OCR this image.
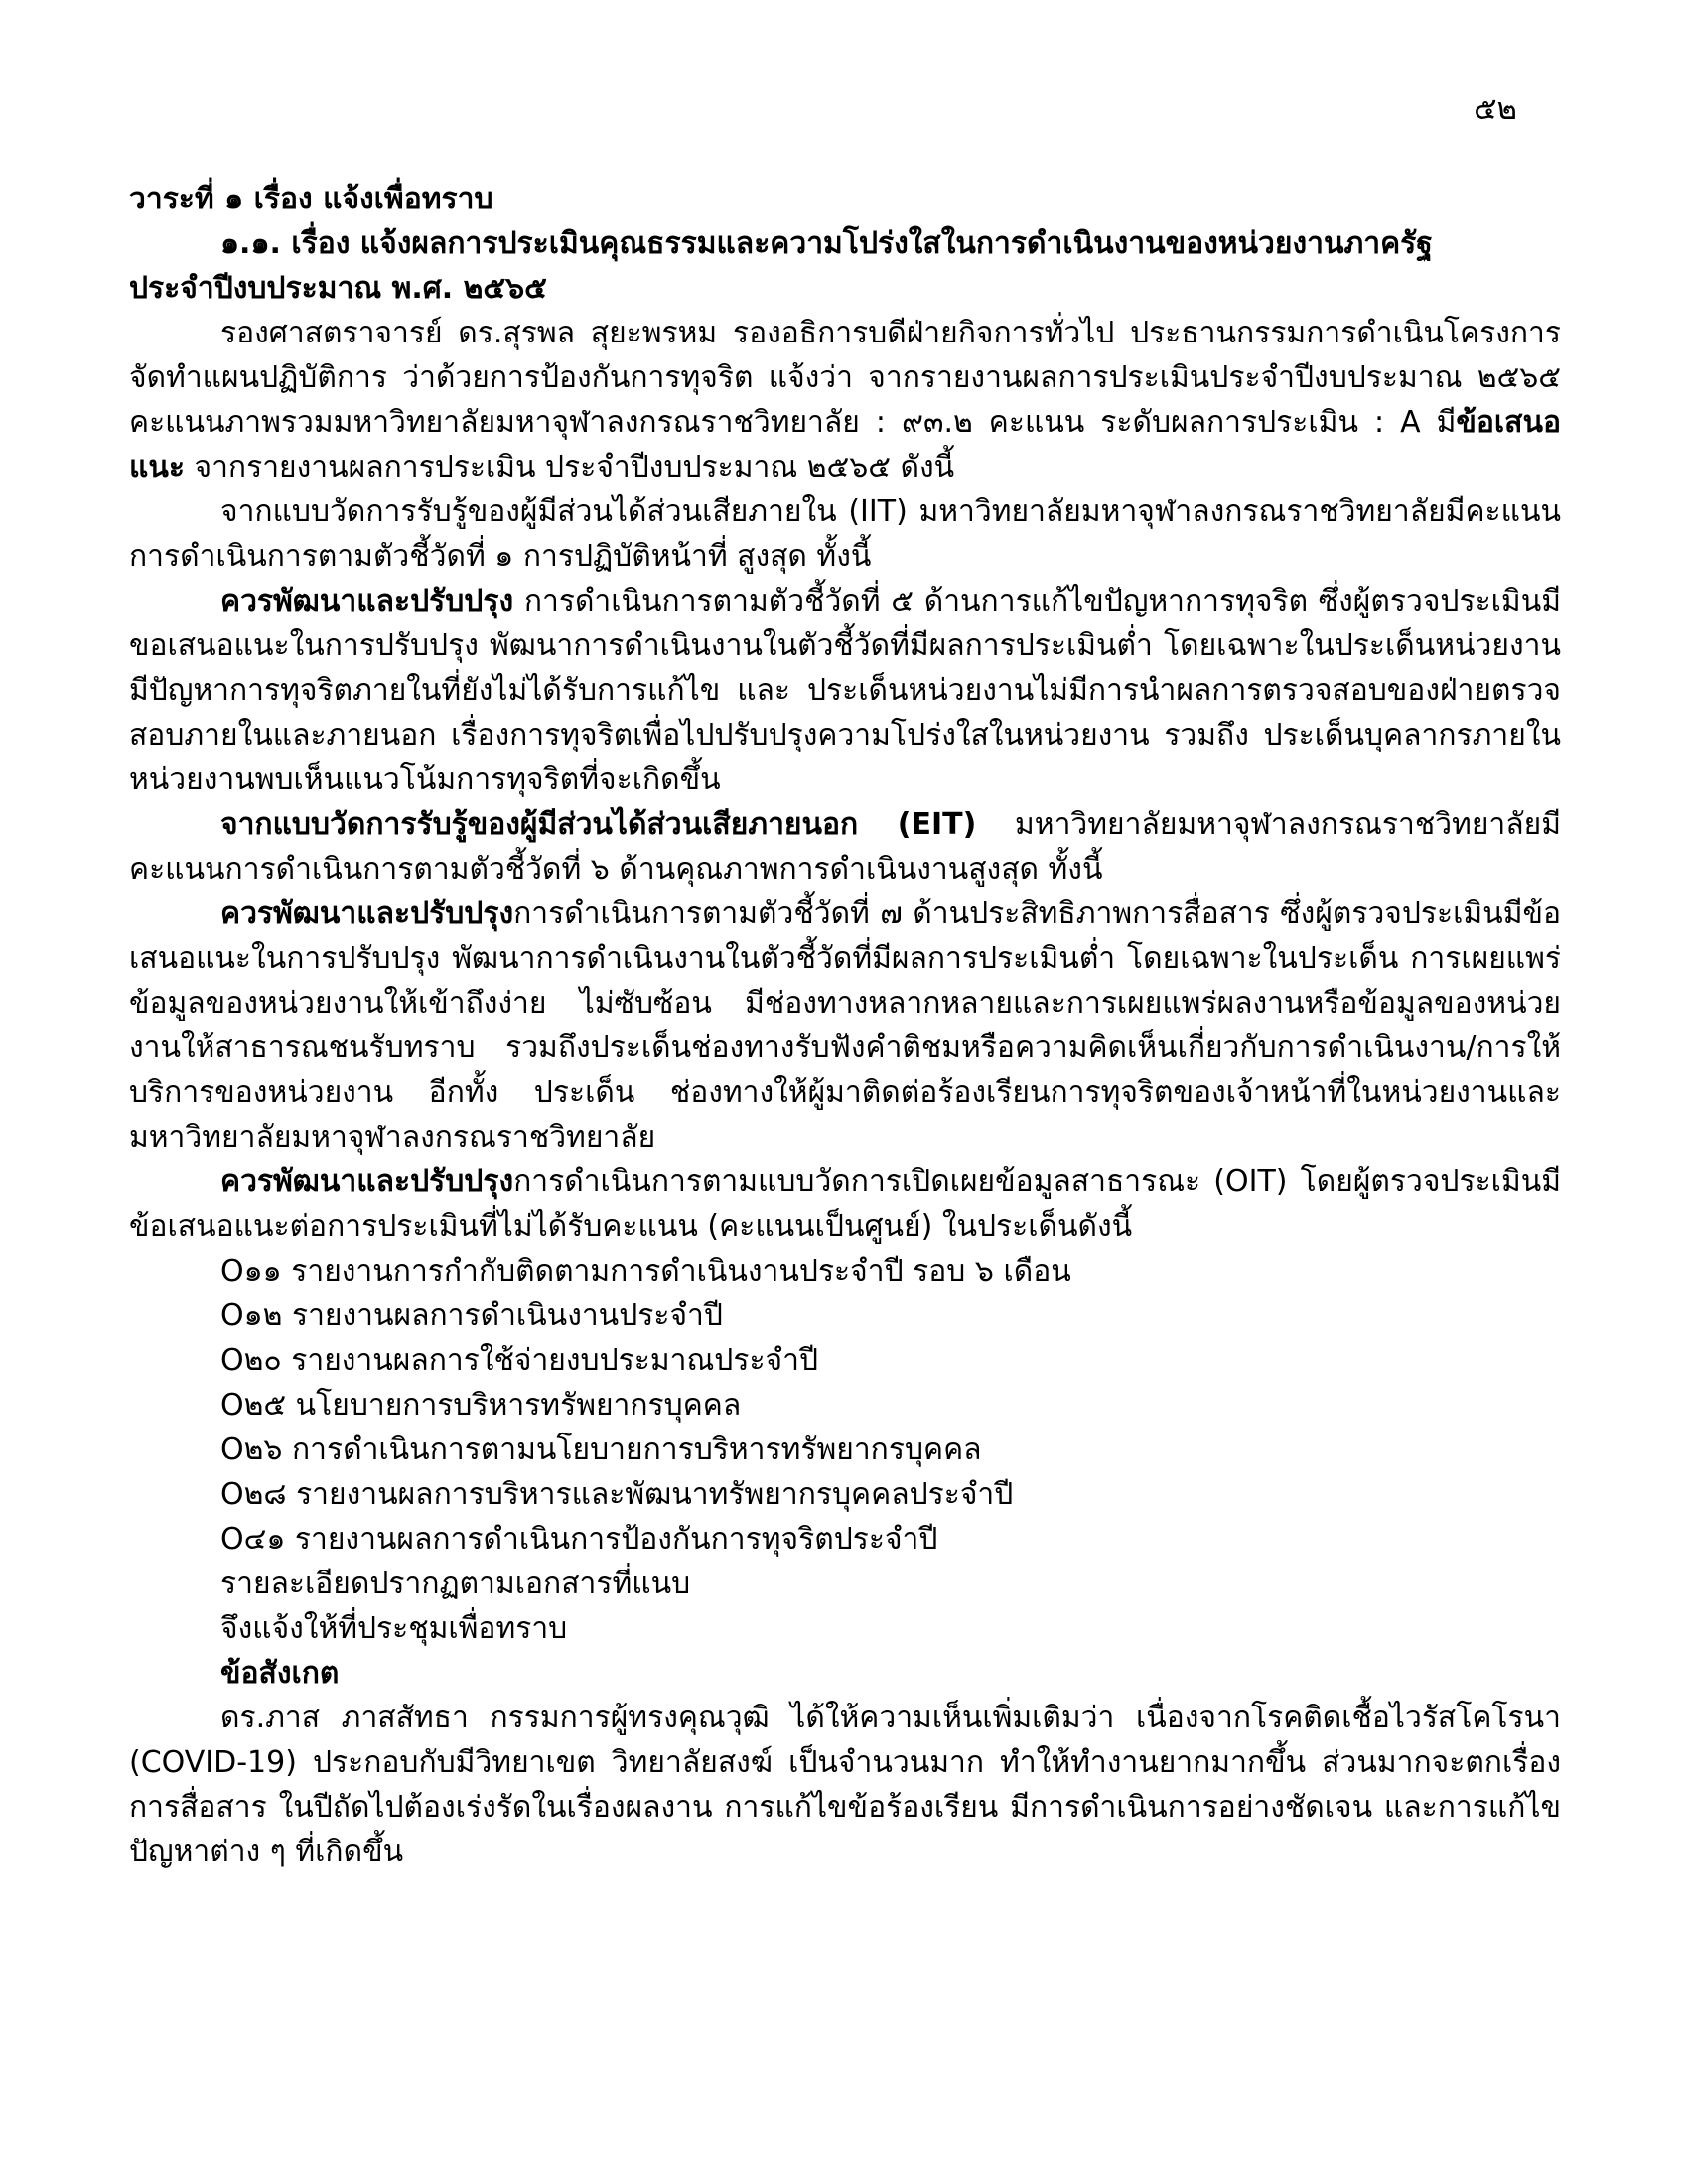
๕๒

วาระที่ ๑ เรื่อง แจ้งเพื่อทราบ

๑.๑. เรื่อง แจ้งผลการประเมินคุณธรรมและความโปร่งใสในการดำเนินงานของหน่วยงานภาครัฐ

ประจำปีงบประมาณ พ.ศ. ๒๕๖๕

รองศาสตราจารย์ ดร.สุรพล สุยะพรหม รองอธิการบดีฝ่ายกิจการทั่วไป ประธานกรรมการดำเนินโครงการจัดทำแผนปฏิบัติการ ว่าด้วยการป้องกันการทุจริต แจ้งว่า จากรายงานผลการประเมินประจำปีงบประมาณ ๒๕๖๕ คะแนนภาพรวมมหาวิทยาลัยมหาจุฬาลงกรณราชวิทยาลัย : ๙๓.๒ คะแนน ระดับผลการประเมิน : A มีข้อเสนอแนะ จากรายงานผลการประเมิน ประจำปีงบประมาณ ๒๕๖๕ ดังนี้

จากแบบวัดการรับรู้ของผู้มีส่วนได้ส่วนเสียภายใน (IIT) มหาวิทยาลัยมหาจุฬาลงกรณราชวิทยาลัยมีคะแนนการดำเนินการตามตัวชี้วัดที่ ๑ การปฏิบัติหน้าที่ สูงสุด ทั้งนี้

ควรพัฒนาและปรับปรุง การดำเนินการตามตัวชี้วัดที่ ๕ ด้านการแก้ไขปัญหาการทุจริต ซึ่งผู้ตรวจประเมินมีขอเสนอแนะในการปรับปรุง พัฒนาการดำเนินงานในตัวชี้วัดที่มีผลการประเมินต่ำ โดยเฉพาะในประเด็นหน่วยงานมีปัญหาการทุจริตภายในที่ยังไม่ได้รับการแก้ไข และ ประเด็นหน่วยงานไม่มีการนำผลการตรวจสอบของฝ่ายตรวจสอบภายในและภายนอก เรื่องการทุจริตเพื่อไปปรับปรุงความโปร่งใสในหน่วยงาน รวมถึง ประเด็นบุคลากรภายในหน่วยงานพบเห็นแนวโน้มการทุจริตที่จะเกิดขึ้น

จากแบบวัดการรับรู้ของผู้มีส่วนได้ส่วนเสียภายนอก (EIT) มหาวิทยาลัยมหาจุฬาลงกรณราชวิทยาลัยมีคะแนนการดำเนินการตามตัวชี้วัดที่ ๖ ด้านคุณภาพการดำเนินงานสูงสุด ทั้งนี้

ควรพัฒนาและปรับปรุงการดำเนินการตามตัวชี้วัดที่ ๗ ด้านประสิทธิภาพการสื่อสาร ซึ่งผู้ตรวจประเมินมีข้อเสนอแนะในการปรับปรุง พัฒนาการดำเนินงานในตัวชี้วัดที่มีผลการประเมินต่ำ โดยเฉพาะในประเด็น การเผยแพร่ข้อมูลของหน่วยงานให้เข้าถึงง่าย ไม่ซับซ้อน มีช่องทางหลากหลายและการเผยแพร่ผลงานหรือข้อมูลของหน่วยงานให้สาธารณชนรับทราบ รวมถึงประเด็นช่องทางรับฟังคำติชมหรือความคิดเห็นเกี่ยวกับการดำเนินงาน/การให้บริการของหน่วยงาน อีกทั้ง ประเด็น ช่องทางให้ผู้มาติดต่อร้องเรียนการทุจริตของเจ้าหน้าที่ในหน่วยงานและมหาวิทยาลัยมหาจุฬาลงกรณราชวิทยาลัย

ควรพัฒนาและปรับปรุงการดำเนินการตามแบบวัดการเปิดเผยข้อมูลสาธารณะ (OIT) โดยผู้ตรวจประเมินมีข้อเสนอแนะต่อการประเมินที่ไม่ได้รับคะแนน (คะแนนเป็นศูนย์) ในประเด็นดังนี้

O๑๑ รายงานการกำกับติดตามการดำเนินงานประจำปี รอบ ๖ เดือน
O๑๒ รายงานผลการดำเนินงานประจำปี
O๒๐ รายงานผลการใช้จ่ายงบประมาณประจำปี
O๒๕ นโยบายการบริหารทรัพยากรบุคคล
O๒๖ การดำเนินการตามนโยบายการบริหารทรัพยากรบุคคล
O๒๘ รายงานผลการบริหารและพัฒนาทรัพยากรบุคคลประจำปี
O๔๑ รายงานผลการดำเนินการป้องกันการทุจริตประจำปี
รายละเอียดปรากฏตามเอกสารที่แนบ
จึงแจ้งให้ที่ประชุมเพื่อทราบ
ข้อสังเกต

ดร.ภาส ภาสสัทธา กรรมการผู้ทรงคุณวุฒิ ได้ให้ความเห็นเพิ่มเติมว่า เนื่องจากโรคติดเชื้อไวรัสโคโรนา (COVID-19) ประกอบกับมีวิทยาเขต วิทยาลัยสงฆ์ เป็นจำนวนมาก ทำให้ทำงานยากมากขึ้น ส่วนมากจะตกเรื่องการสื่อสาร ในปีถัดไปต้องเร่งรัดในเรื่องผลงาน การแก้ไขข้อร้องเรียน มีการดำเนินการอย่างชัดเจน และการแก้ไขปัญหาต่าง ๆ ที่เกิดขึ้น
